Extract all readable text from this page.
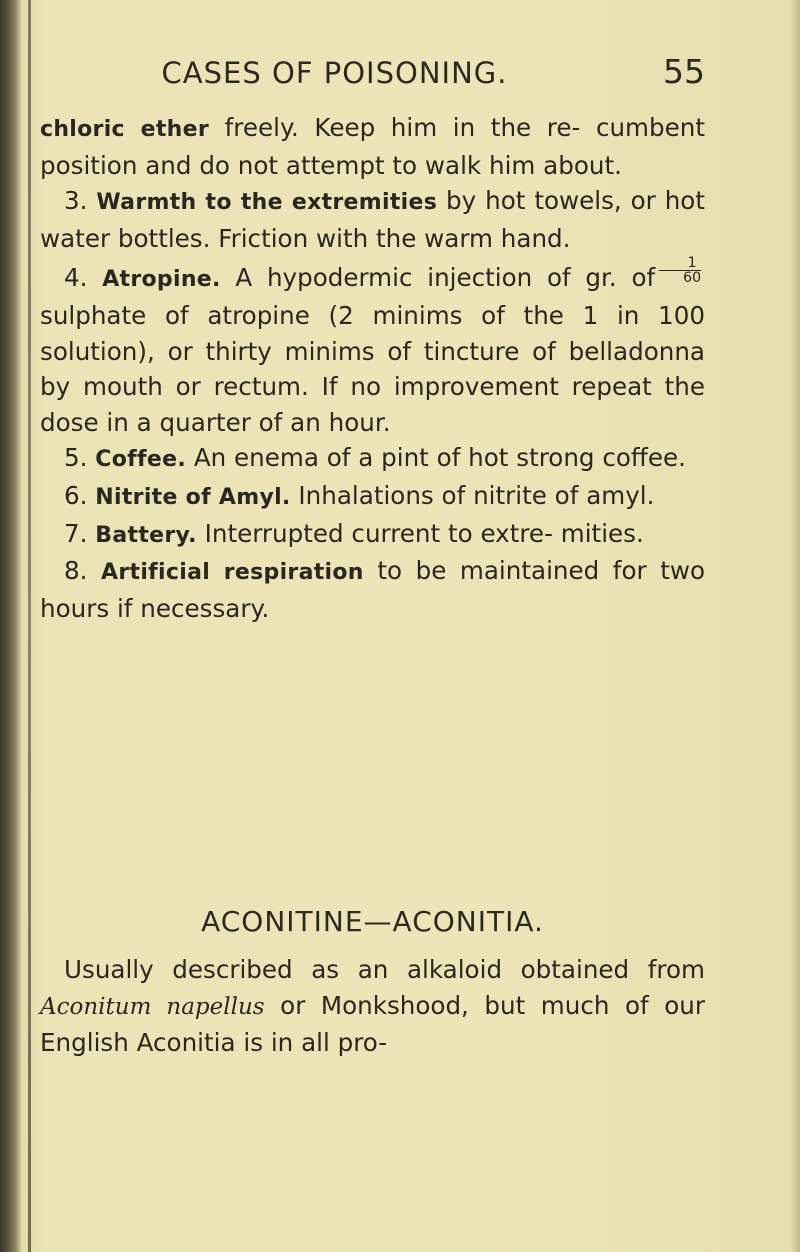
CASES OF POISONING.	55

chloric ether freely. Keep him in the re- cumbent position and do not attempt to walk him about.

3. Warmth to the extremities by hot towels, or hot water bottles. Friction with the warm hand.

4. Atropine. A hypodermic injection of gr. of $\frac{1}{60}$
sulphate of atropine (2 minims of the 1 in 100 solution), or thirty minims of tincture of belladonna by mouth or rectum. If no improvement repeat the dose in a quarter of an hour.

5. Coffee. An enema of a pint of hot strong coffee.

6. Nitrite of Amyl. Inhalations of nitrite of amyl.

7. Battery. Interrupted current to extre- mities.

8. Artificial respiration to be maintained for two hours if necessary.

ACONITINE—ACONITIA.

Usually described as an alkaloid obtained from Aconitum napellus or Monkshood, but much of our English Aconitia is in all pro-
